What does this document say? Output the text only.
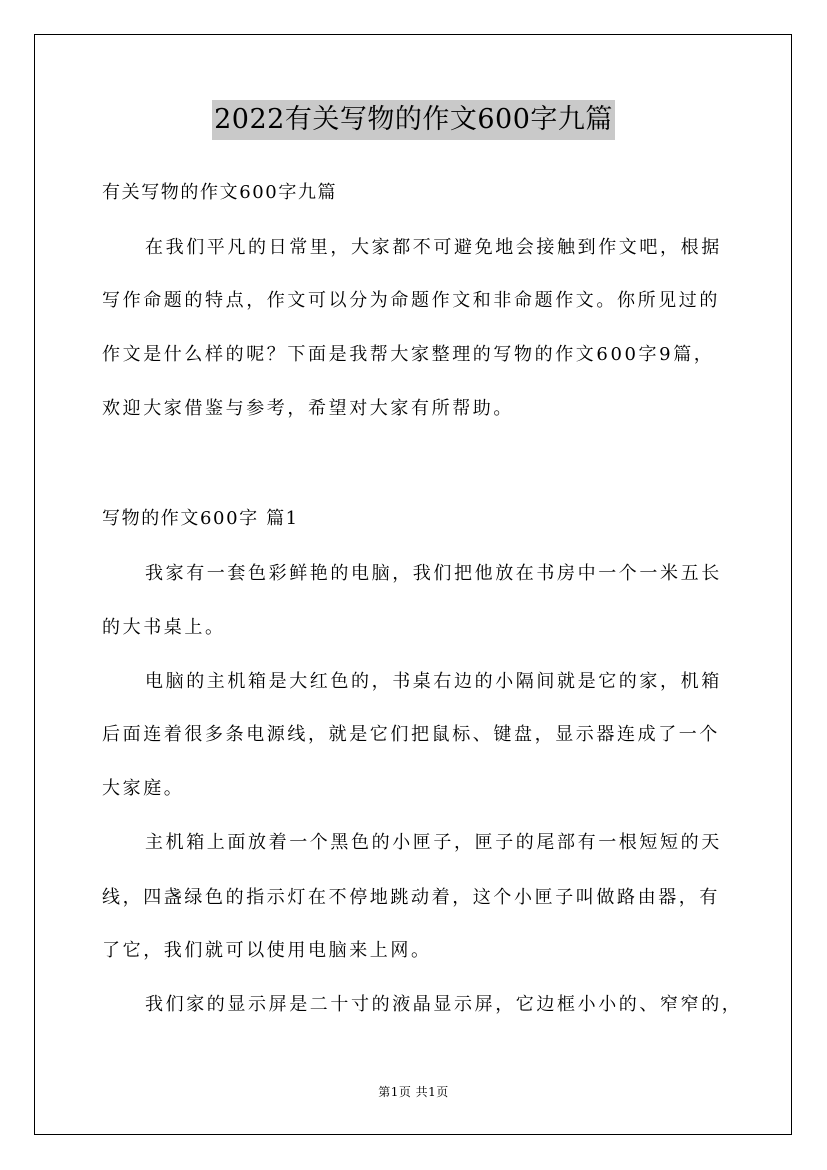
2022有关写物的作文600字九篇
有关写物的作文600字九篇
在我们平凡的日常里，大家都不可避免地会接触到作文吧，根据
写作命题的特点，作文可以分为命题作文和非命题作文。你所见过的
作文是什么样的呢？下面是我帮大家整理的写物的作文600字9篇，
欢迎大家借鉴与参考，希望对大家有所帮助。
写物的作文600字 篇1
我家有一套色彩鲜艳的电脑，我们把他放在书房中一个一米五长
的大书桌上。
电脑的主机箱是大红色的，书桌右边的小隔间就是它的家，机箱
后面连着很多条电源线，就是它们把鼠标、键盘，显示器连成了一个
大家庭。
主机箱上面放着一个黑色的小匣子，匣子的尾部有一根短短的天
线，四盏绿色的指示灯在不停地跳动着，这个小匣子叫做路由器，有
了它，我们就可以使用电脑来上网。
我们家的显示屏是二十寸的液晶显示屏，它边框小小的、窄窄的，
第1页 共1页
